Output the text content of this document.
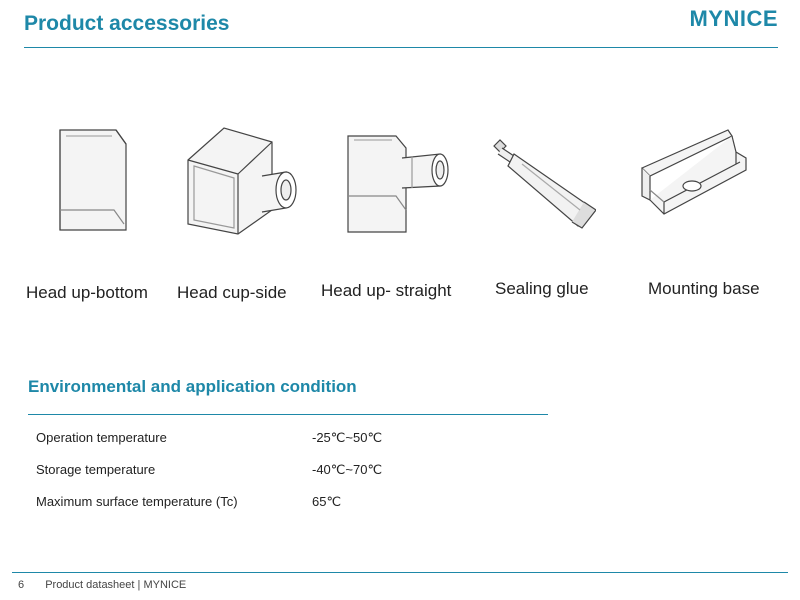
Product accessories	MYNICE
Head up-bottom Head cup-side Head up- straight	Sealing glue	Mounting base
Environmental and application condition
Operation temperature	-25℃~50℃
Storage temperature	-40℃~70℃
Maximum surface temperature (Tc)	65℃
6 Product datasheet | MYNICE
